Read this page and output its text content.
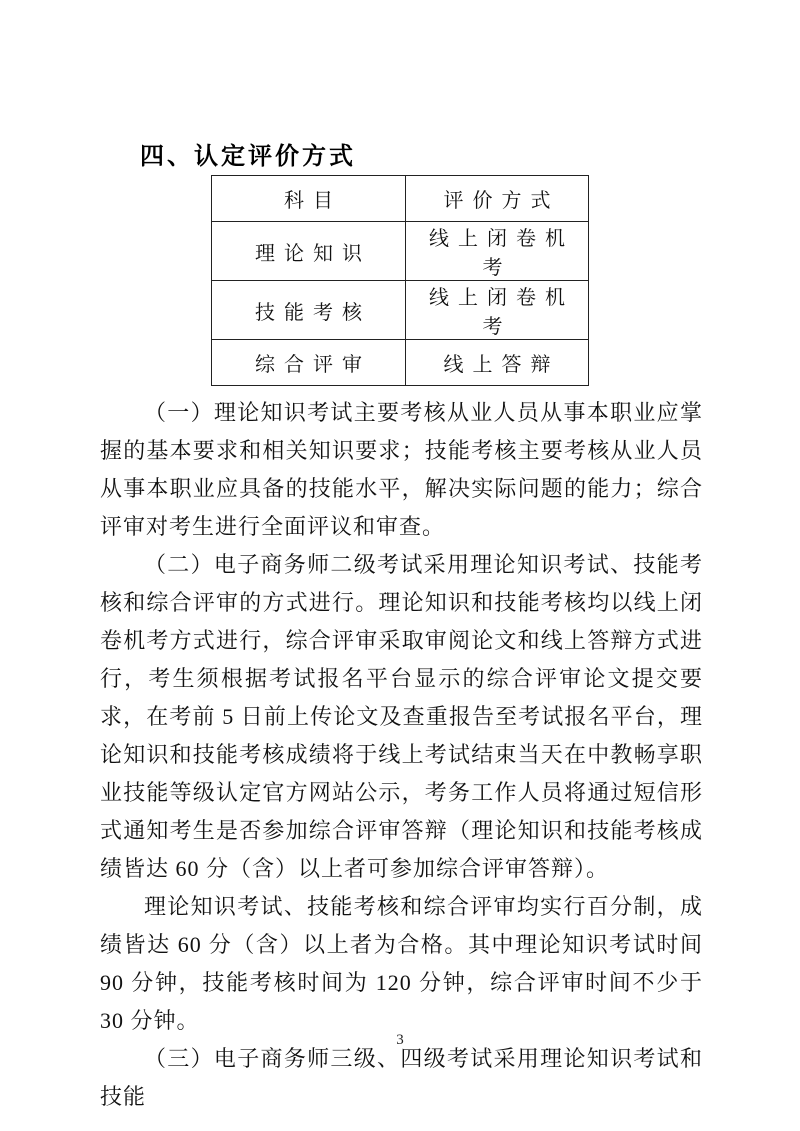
四、认定评价方式
科目	评价方式
理论知识	线上闭卷机考
技能考核	线上闭卷机考
综合评审	线上答辩

（一）理论知识考试主要考核从业人员从事本职业应掌握的基本要求和相关知识要求；技能考核主要考核从业人员从事本职业应具备的技能水平，解决实际问题的能力；综合评审对考生进行全面评议和审查。

（二）电子商务师二级考试采用理论知识考试、技能考核和综合评审的方式进行。理论知识和技能考核均以线上闭卷机考方式进行，综合评审采取审阅论文和线上答辩方式进行，考生须根据考试报名平台显示的综合评审论文提交要求，在考前 5 日前上传论文及查重报告至考试报名平台，理论知识和技能考核成绩将于线上考试结束当天在中教畅享职业技能等级认定官方网站公示，考务工作人员将通过短信形式通知考生是否参加综合评审答辩（理论知识和技能考核成绩皆达 60 分（含）以上者可参加综合评审答辩）。

理论知识考试、技能考核和综合评审均实行百分制，成绩皆达 60 分（含）以上者为合格。其中理论知识考试时间 90 分钟，技能考核时间为 120 分钟，综合评审时间不少于 30 分钟。

（三）电子商务师三级、四级考试采用理论知识考试和技能

3
